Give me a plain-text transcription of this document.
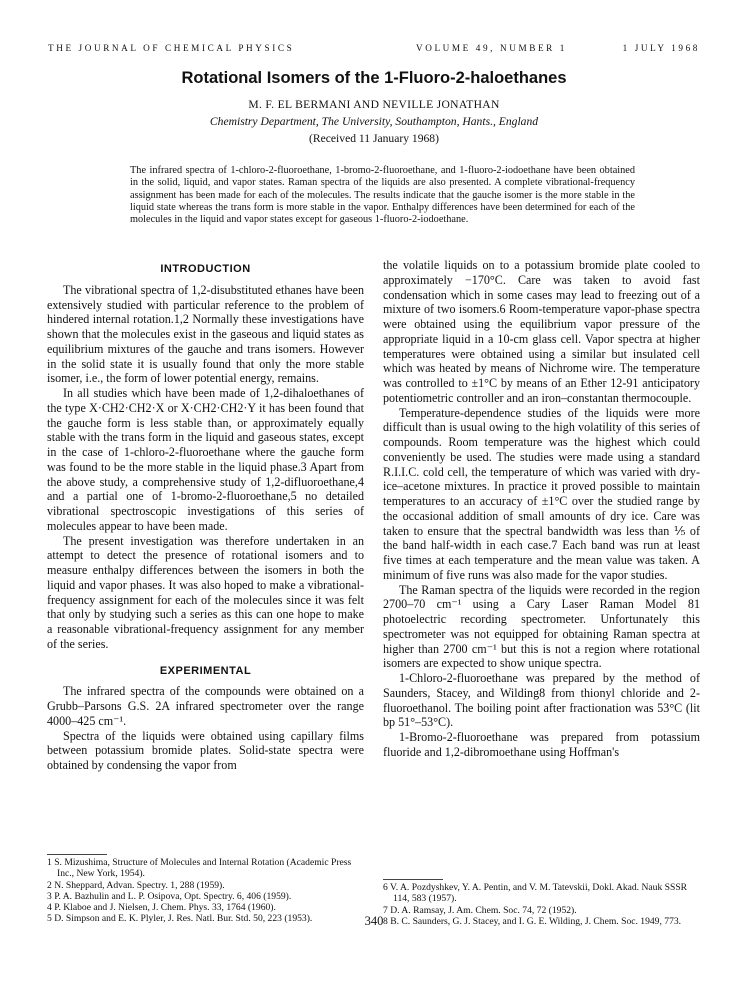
THE JOURNAL OF CHEMICAL PHYSICS	VOLUME 49, NUMBER 1	1 JULY 1968
Rotational Isomers of the 1-Fluoro-2-haloethanes
M. F. EL BERMANI AND NEVILLE JONATHAN
Chemistry Department, The University, Southampton, Hants., England
(Received 11 January 1968)

The infrared spectra of 1-chloro-2-fluoroethane, 1-bromo-2-fluoroethane, and 1-fluoro-2-iodoethane have been obtained in the solid, liquid, and vapor states. Raman spectra of the liquids are also presented. A complete vibrational-frequency assignment has been made for each of the molecules. The results indicate that the gauche isomer is the more stable in the liquid state whereas the trans form is more stable in the vapor. Enthalpy differences have been determined for each of the molecules in the liquid and vapor states except for gaseous 1-fluoro-2-iodoethane.

INTRODUCTION

The vibrational spectra of 1,2-disubstituted ethanes have been extensively studied with particular reference to the problem of hindered internal rotation.1,2 Normally these investigations have shown that the molecules exist in the gaseous and liquid states as equilibrium mixtures of the gauche and trans isomers. However in the solid state it is usually found that only the more stable isomer, i.e., the form of lower potential energy, remains.

In all studies which have been made of 1,2-dihaloethanes of the type X·CH2·CH2·X or X·CH2·CH2·Y it has been found that the gauche form is less stable than, or approximately equally stable with the trans form in the liquid and gaseous states, except in the case of 1-chloro-2-fluoroethane where the gauche form was found to be the more stable in the liquid phase.3 Apart from the above study, a comprehensive study of 1,2-difluoroethane,4 and a partial one of 1-bromo-2-fluoroethane,5 no detailed vibrational spectroscopic investigations of this series of molecules appear to have been made.

The present investigation was therefore undertaken in an attempt to detect the presence of rotational isomers and to measure enthalpy differences between the isomers in both the liquid and vapor phases. It was also hoped to make a vibrational-frequency assignment for each of the molecules since it was felt that only by studying such a series as this can one hope to make a reasonable vibrational-frequency assignment for any member of the series.

EXPERIMENTAL

The infrared spectra of the compounds were obtained on a Grubb–Parsons G.S. 2A infrared spectrometer over the range 4000–425 cm⁻¹.

Spectra of the liquids were obtained using capillary films between potassium bromide plates. Solid-state spectra were obtained by condensing the vapor from

the volatile liquids on to a potassium bromide plate cooled to approximately −170°C. Care was taken to avoid fast condensation which in some cases may lead to freezing out of a mixture of two isomers.6 Room-temperature vapor-phase spectra were obtained using the equilibrium vapor pressure of the appropriate liquid in a 10-cm glass cell. Vapor spectra at higher temperatures were obtained using a similar but insulated cell which was heated by means of Nichrome wire. The temperature was controlled to ±1°C by means of an Ether 12-91 anticipatory potentiometric controller and an iron–constantan thermocouple.

Temperature-dependence studies of the liquids were more difficult than is usual owing to the high volatility of this series of compounds. Room temperature was the highest which could conveniently be used. The studies were made using a standard R.I.I.C. cold cell, the temperature of which was varied with dry-ice–acetone mixtures. In practice it proved possible to maintain temperatures to an accuracy of ±1°C over the studied range by the occasional addition of small amounts of dry ice. Care was taken to ensure that the spectral bandwidth was less than ⅕ of the band half-width in each case.7 Each band was run at least five times at each temperature and the mean value was taken. A minimum of five runs was also made for the vapor studies.

The Raman spectra of the liquids were recorded in the region 2700–70 cm⁻¹ using a Cary Laser Raman Model 81 photoelectric recording spectrometer. Unfortunately this spectrometer was not equipped for obtaining Raman spectra at higher than 2700 cm⁻¹ but this is not a region where rotational isomers are expected to show unique spectra.

1-Chloro-2-fluoroethane was prepared by the method of Saunders, Stacey, and Wilding8 from thionyl chloride and 2-fluoroethanol. The boiling point after fractionation was 53°C (lit bp 51°–53°C).

1-Bromo-2-fluoroethane was prepared from potassium fluoride and 1,2-dibromoethane using Hoffman's

1 S. Mizushima, Structure of Molecules and Internal Rotation (Academic Press Inc., New York, 1954).
2 N. Sheppard, Advan. Spectry. 1, 288 (1959).
3 P. A. Bazhulin and L. P. Osipova, Opt. Spectry. 6, 406 (1959).
4 P. Klaboe and J. Nielsen, J. Chem. Phys. 33, 1764 (1960).
5 D. Simpson and E. K. Plyler, J. Res. Natl. Bur. Std. 50, 223 (1953).
6 V. A. Pozdyshkev, Y. A. Pentin, and V. M. Tatevskii, Dokl. Akad. Nauk SSSR 114, 583 (1957).
7 D. A. Ramsay, J. Am. Chem. Soc. 74, 72 (1952).
8 B. C. Saunders, G. J. Stacey, and I. G. E. Wilding, J. Chem. Soc. 1949, 773.
340
